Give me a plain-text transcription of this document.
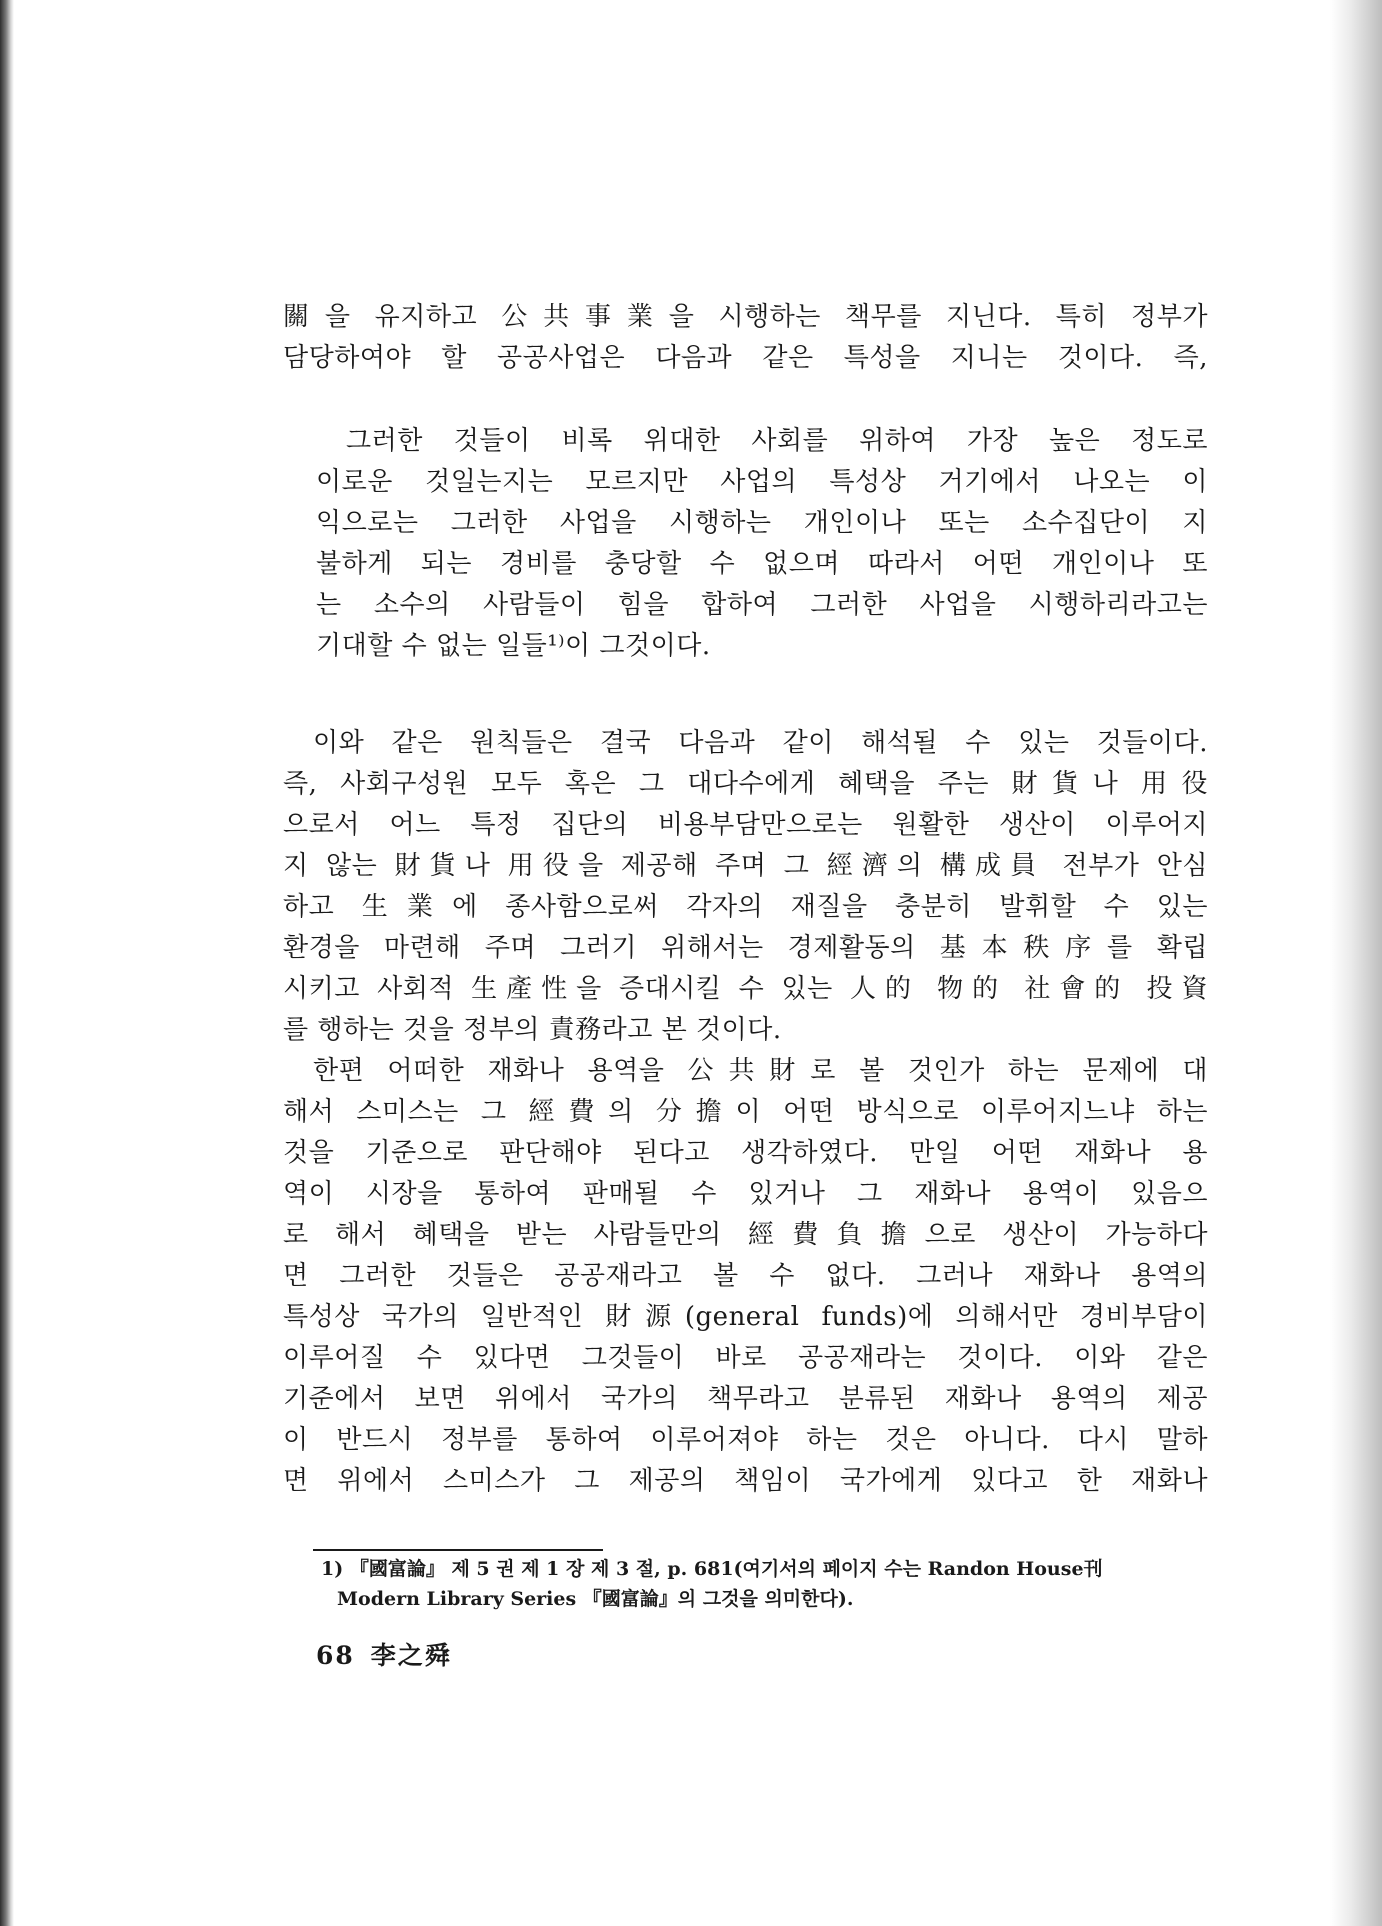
關을 유지하고 公共事業을 시행하는 책무를 지닌다. 특히 정부가
담당하여야 할 공공사업은 다음과 같은 특성을 지니는 것이다. 즉,
그러한 것들이 비록 위대한 사회를 위하여 가장 높은 정도로
이로운 것일는지는 모르지만 사업의 특성상 거기에서 나오는 이
익으로는 그러한 사업을 시행하는 개인이나 또는 소수집단이 지
불하게 되는 경비를 충당할 수 없으며 따라서 어떤 개인이나 또
는 소수의 사람들이 힘을 합하여 그러한 사업을 시행하리라고는
기대할 수 없는 일들¹⁾이 그것이다.
이와 같은 원칙들은 결국 다음과 같이 해석될 수 있는 것들이다.
즉, 사회구성원 모두 혹은 그 대다수에게 혜택을 주는 財貨나 用役
으로서 어느 특정 집단의 비용부담만으로는 원활한 생산이 이루어지
지 않는 財貨나 用役을 제공해 주며 그 經濟의 構成員 전부가 안심
하고 生業에 종사함으로써 각자의 재질을 충분히 발휘할 수 있는
환경을 마련해 주며 그러기 위해서는 경제활동의 基本秩序를 확립
시키고 사회적 生產性을 증대시킬 수 있는 人的 物的 社會的 投資
를 행하는 것을 정부의 責務라고 본 것이다.
한편 어떠한 재화나 용역을 公共財로 볼 것인가 하는 문제에 대
해서 스미스는 그 經費의 分擔이 어떤 방식으로 이루어지느냐 하는
것을 기준으로 판단해야 된다고 생각하였다. 만일 어떤 재화나 용
역이 시장을 통하여 판매될 수 있거나 그 재화나 용역이 있음으
로 해서 혜택을 받는 사람들만의 經費負擔으로 생산이 가능하다
면 그러한 것들은 공공재라고 볼 수 없다. 그러나 재화나 용역의
특성상 국가의 일반적인 財源(general funds)에 의해서만 경비부담이
이루어질 수 있다면 그것들이 바로 공공재라는 것이다. 이와 같은
기준에서 보면 위에서 국가의 책무라고 분류된 재화나 용역의 제공
이 반드시 정부를 통하여 이루어져야 하는 것은 아니다. 다시 말하
면 위에서 스미스가 그 제공의 책임이 국가에게 있다고 한 재화나
1) 『國富論』 제 5 권 제 1 장 제 3 절, p. 681(여기서의 페이지 수는 Randon House刊
Modern Library Series 『國富論』의 그것을 의미한다).
68 李之舜
